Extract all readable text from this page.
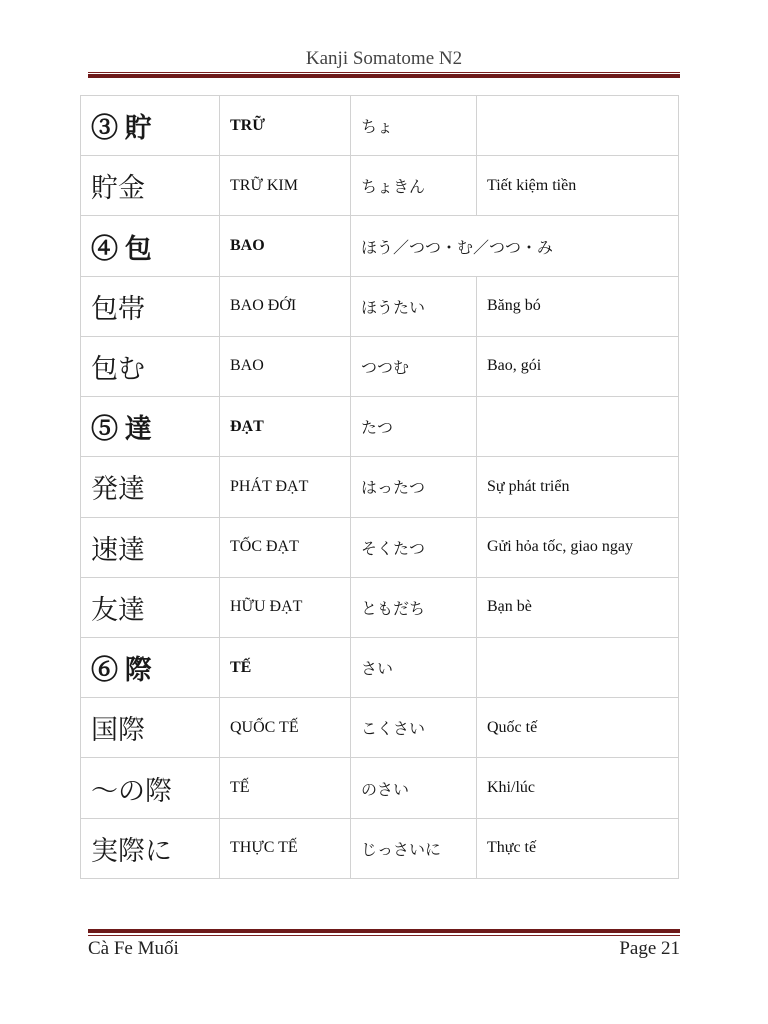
Kanji Somatome N2
③ 貯	TRỮ	ちょ	
貯金	TRỮ KIM	ちょきん	Tiết kiệm tiền
④ 包	BAO	ほう／つつ・む／つつ・み	
包帯	BAO ĐỚI	ほうたい	Băng bó
包む	BAO	つつむ	Bao, gói
⑤ 達	ĐẠT	たつ	
発達	PHÁT ĐẠT	はったつ	Sự phát triển
速達	TỐC ĐẠT	そくたつ	Gửi hỏa tốc, giao ngay
友達	HỮU ĐẠT	ともだち	Bạn bè
⑥ 際	TẾ	さい	
国際	QUỐC TẾ	こくさい	Quốc tế
～の際	TẾ	のさい	Khi/lúc
実際に	THỰC TẾ	じっさいに	Thực tế
Cà Fe Muối	Page 21
